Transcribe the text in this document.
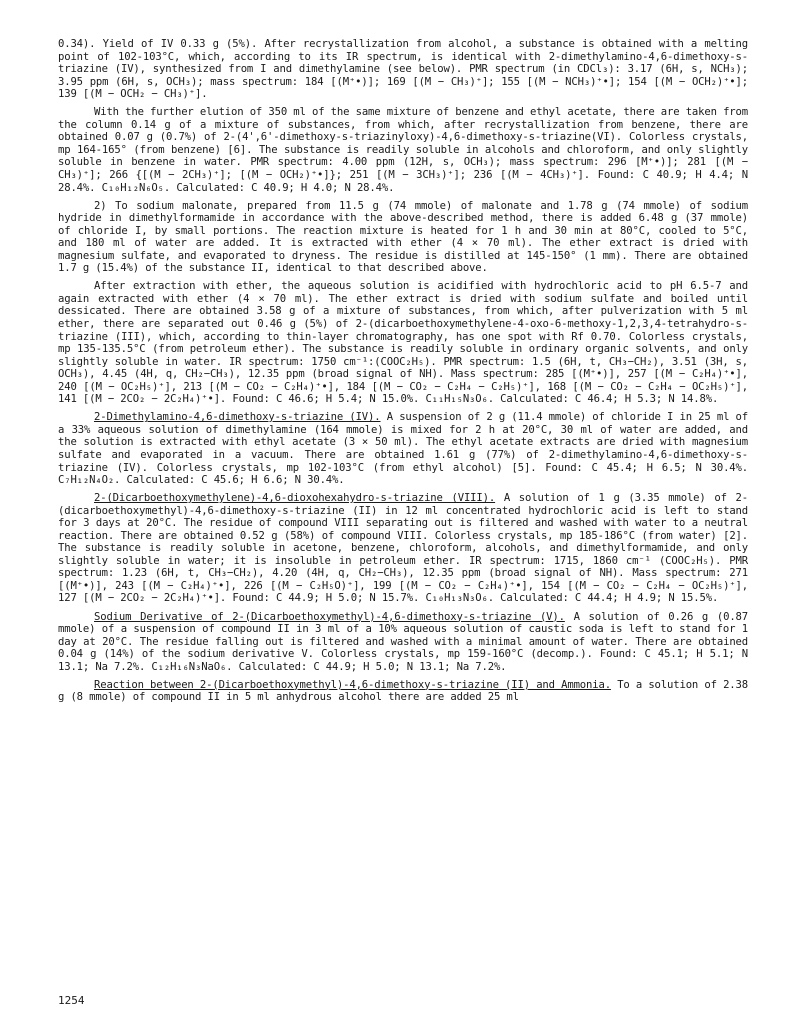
0.34). Yield of IV 0.33 g (5%). After recrystallization from alcohol, a substance is obtained with a melting point of 102-103°C, which, according to its IR spectrum, is identical with 2-dimethylamino-4,6-dimethoxy-s-triazine (IV), synthesized from I and dimethylamine (see below). PMR spectrum (in CDCl₃): 3.17 (6H, s, NCH₃); 3.95 ppm (6H, s, OCH₃); mass spectrum: 184 [(M⁺•)]; 169 [(M − CH₃)⁺]; 155 [(M − NCH₃)⁺•]; 154 [(M − OCH₂)⁺•]; 139 [(M − OCH₂ − CH₃)⁺].

With the further elution of 350 ml of the same mixture of benzene and ethyl acetate, there are taken from the column 0.14 g of a mixture of substances, from which, after recrystallization from benzene, there are obtained 0.07 g (0.7%) of 2-(4',6'-dimethoxy-s-triazinyloxy)-4,6-dimethoxy-s-triazine(VI). Colorless crystals, mp 164-165° (from benzene) [6]. The substance is readily soluble in alcohols and chloroform, and only slightly soluble in benzene in water. PMR spectrum: 4.00 ppm (12H, s, OCH₃); mass spectrum: 296 [M⁺•)]; 281 [(M − CH₃)⁺]; 266 {[(M − 2CH₃)⁺]; [(M − OCH₂)⁺•]}; 251 [(M − 3CH₃)⁺]; 236 [(M − 4CH₃)⁺]. Found: C 40.9; H 4.4; N 28.4%. C₁₀H₁₂N₆O₅. Calculated: C 40.9; H 4.0; N 28.4%.

2) To sodium malonate, prepared from 11.5 g (74 mmole) of malonate and 1.78 g (74 mmole) of sodium hydride in dimethylformamide in accordance with the above-described method, there is added 6.48 g (37 mmole) of chloride I, by small portions. The reaction mixture is heated for 1 h and 30 min at 80°C, cooled to 5°C, and 180 ml of water are added. It is extracted with ether (4 × 70 ml). The ether extract is dried with magnesium sulfate, and evaporated to dryness. The residue is distilled at 145-150° (1 mm). There are obtained 1.7 g (15.4%) of the substance II, identical to that described above.

After extraction with ether, the aqueous solution is acidified with hydrochloric acid to pH 6.5-7 and again extracted with ether (4 × 70 ml). The ether extract is dried with sodium sulfate and boiled until dessicated. There are obtained 3.58 g of a mixture of substances, from which, after pulverization with 5 ml ether, there are separated out 0.46 g (5%) of 2-(dicarboethoxymethylene-4-oxo-6-methoxy-1,2,3,4-tetrahydro-s-triazine (III), which, according to thin-layer chromatography, has one spot with Rf 0.70. Colorless crystals, mp 135-135.5°C (from petroleum ether). The substance is readily soluble in ordinary organic solvents, and only slightly soluble in water. IR spectrum: 1750 cm⁻¹:(COOC₂H₅). PMR spectrum: 1.5 (6H, t, CH₃−CH₂), 3.51 (3H, s, OCH₃), 4.45 (4H, q, CH₂−CH₃), 12.35 ppm (broad signal of NH). Mass spectrum: 285 [(M⁺•)], 257 [(M − C₂H₄)⁺•], 240 [(M − OC₂H₅)⁺], 213 [(M − CO₂ − C₂H₄)⁺•], 184 [(M − CO₂ − C₂H₄ − C₂H₅)⁺], 168 [(M − CO₂ − C₂H₄ − OC₂H₅)⁺], 141 [(M − 2CO₂ − 2C₂H₄)⁺•]. Found: C 46.6; H 5.4; N 15.0%. C₁₁H₁₅N₃O₆. Calculated: C 46.4; H 5.3; N 14.8%.

2-Dimethylamino-4,6-dimethoxy-s-triazine (IV). A suspension of 2 g (11.4 mmole) of chloride I in 25 ml of a 33% aqueous solution of dimethylamine (164 mmole) is mixed for 2 h at 20°C, 30 ml of water are added, and the solution is extracted with ethyl acetate (3 × 50 ml). The ethyl acetate extracts are dried with magnesium sulfate and evaporated in a vacuum. There are obtained 1.61 g (77%) of 2-dimethylamino-4,6-dimethoxy-s-triazine (IV). Colorless crystals, mp 102-103°C (from ethyl alcohol) [5]. Found: C 45.4; H 6.5; N 30.4%. C₇H₁₂N₄O₂. Calculated: C 45.6; H 6.6; N 30.4%.

2-(Dicarboethoxymethylene)-4,6-dioxohexahydro-s-triazine (VIII). A solution of 1 g (3.35 mmole) of 2-(dicarboethoxymethyl)-4,6-dimethoxy-s-triazine (II) in 12 ml concentrated hydrochloric acid is left to stand for 3 days at 20°C. The residue of compound VIII separating out is filtered and washed with water to a neutral reaction. There are obtained 0.52 g (58%) of compound VIII. Colorless crystals, mp 185-186°C (from water) [2]. The substance is readily soluble in acetone, benzene, chloroform, alcohols, and dimethylformamide, and only slightly soluble in water; it is insoluble in petroleum ether. IR spectrum: 1715, 1860 cm⁻¹ (COOC₂H₅). PMR spectrum: 1.23 (6H, t, CH₃−CH₂), 4.20 (4H, q, CH₂−CH₃), 12.35 ppm (broad signal of NH). Mass spectrum: 271 [(M⁺•)], 243 [(M − C₂H₄)⁺•], 226 [(M − C₂H₅O)⁺], 199 [(M − CO₂ − C₂H₄)⁺•], 154 [(M − CO₂ − C₂H₄ − OC₂H₅)⁺], 127 [(M − 2CO₂ − 2C₂H₄)⁺•]. Found: C 44.9; H 5.0; N 15.7%. C₁₀H₁₃N₃O₆. Calculated: C 44.4; H 4.9; N 15.5%.

Sodium Derivative of 2-(Dicarboethoxymethyl)-4,6-dimethoxy-s-triazine (V). A solution of 0.26 g (0.87 mmole) of a suspension of compound II in 3 ml of a 10% aqueous solution of caustic soda is left to stand for 1 day at 20°C. The residue falling out is filtered and washed with a minimal amount of water. There are obtained 0.04 g (14%) of the sodium derivative V. Colorless crystals, mp 159-160°C (decomp.). Found: C 45.1; H 5.1; N 13.1; Na 7.2%. C₁₂H₁₆N₃NaO₆. Calculated: C 44.9; H 5.0; N 13.1; Na 7.2%.

Reaction between 2-(Dicarboethoxymethyl)-4,6-dimethoxy-s-triazine (II) and Ammonia. To a solution of 2.38 g (8 mmole) of compound II in 5 ml anhydrous alcohol there are added 25 ml

1254
